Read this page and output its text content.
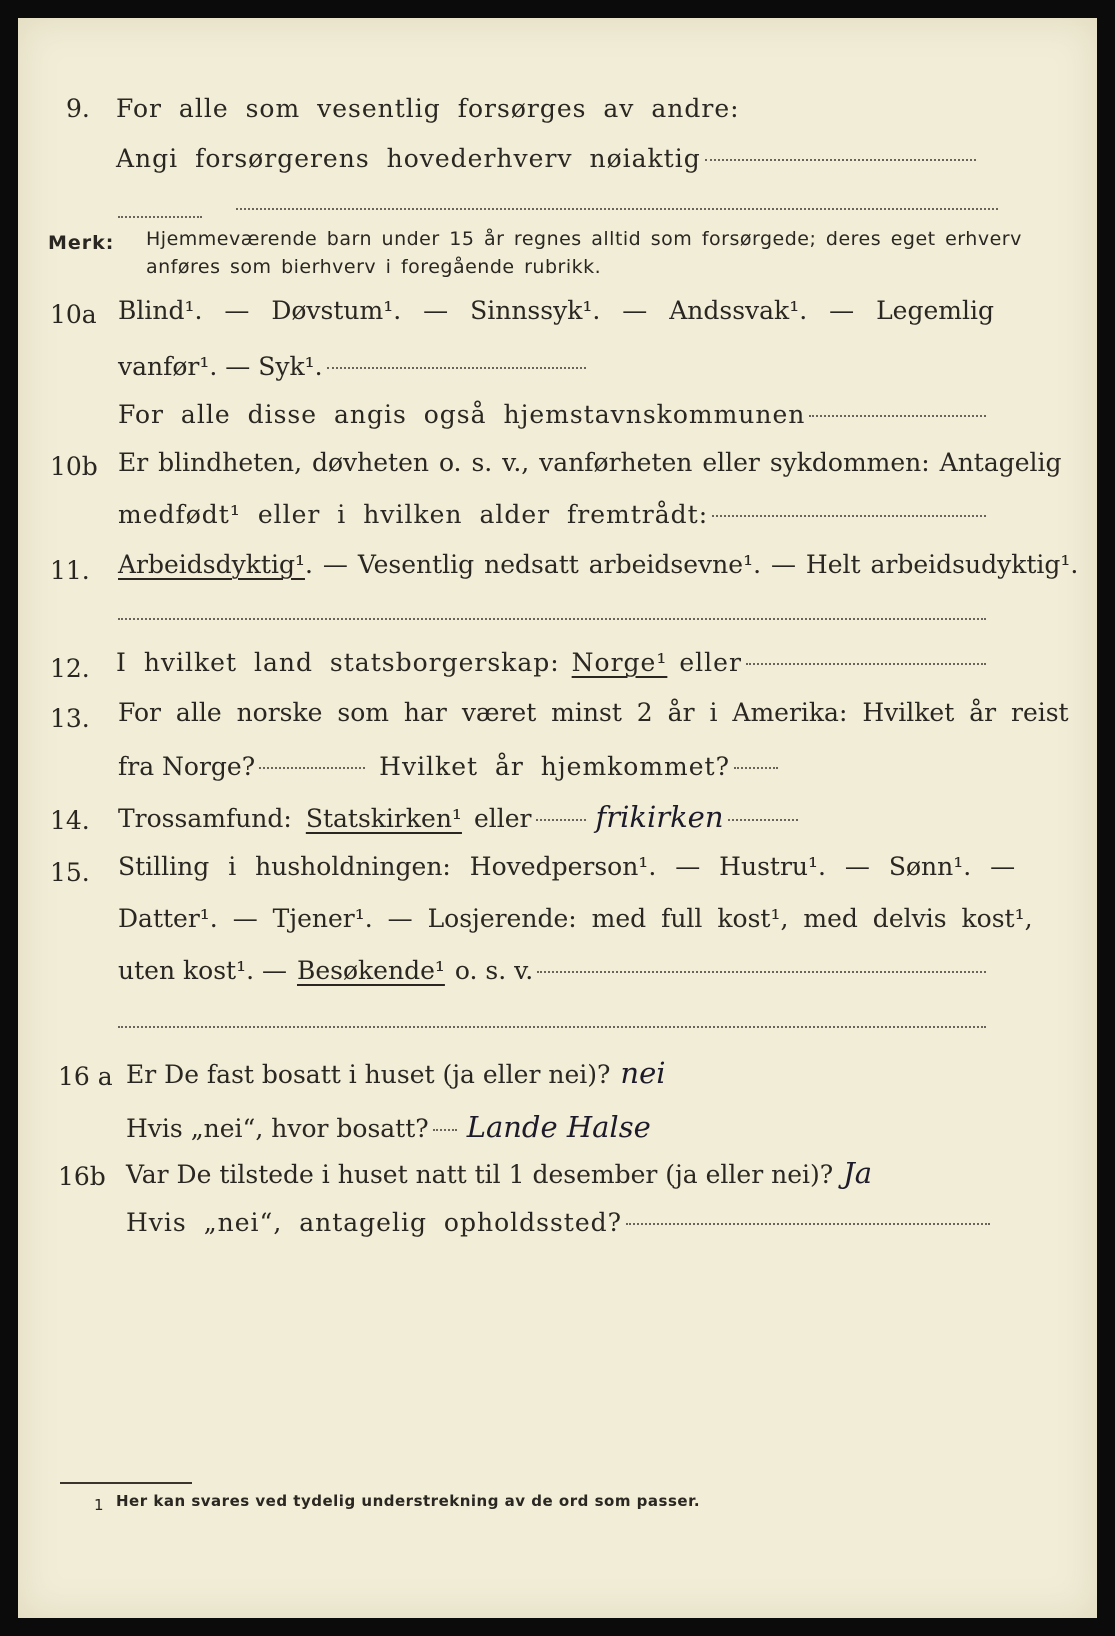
9. For alle som vesentlig forsørges av andre:
Angi forsørgerens hovederhverv nøiaktig
Merk: Hjemmeværende barn under 15 år regnes alltid som forsørgede; deres eget erhverv
anføres som bierhverv i foregående rubrikk.
10a Blind¹. — Døvstum¹. — Sinnssyk¹. — Andssvak¹. — Legemlig
vanfør¹. — Syk¹.
For alle disse angis også hjemstavnskommunen
10b Er blindheten, døvheten o. s. v., vanførheten eller sykdommen: Antagelig
medfødt¹ eller i hvilken alder fremtrådt:
11. Arbeidsdyktig¹ . — Vesentlig nedsatt arbeidsevne¹. — Helt arbeidsudyktig¹.
12. I hvilket land statsborgerskap: Norge¹ eller
13. For alle norske som har været minst 2 år i Amerika: Hvilket år reist
fra Norge?	Hvilket år hjemkommet?
14. Trossamfund: Statskirken¹ eller frikirken
15. Stilling i husholdningen: Hovedperson¹. — Hustru¹. — Sønn¹. —
Datter¹. — Tjener¹. — Losjerende: med full kost¹, med delvis kost¹,
uten kost¹. — Besøkende¹ o. s. v.
16 a Er De fast bosatt i huset (ja eller nei)? nei
Hvis „nei“, hvor bosatt? Lande Halse
16b Var De tilstede i huset natt til 1 desember (ja eller nei)? Ja
Hvis „nei“, antagelig opholdssted?
1 Her kan svares ved tydelig understrekning av de ord som passer.
